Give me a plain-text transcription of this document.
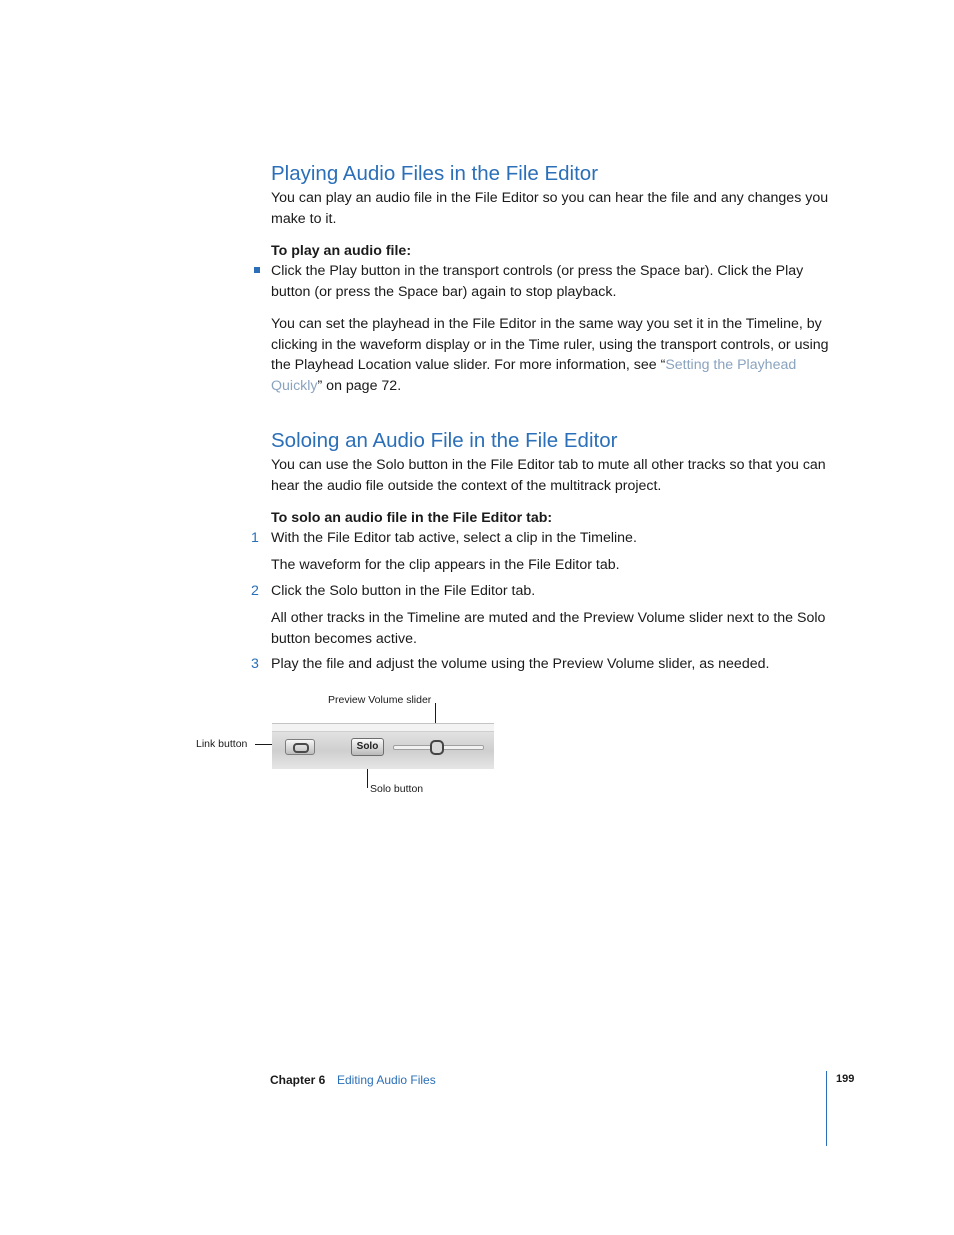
Playing Audio Files in the File Editor

You can play an audio file in the File Editor so you can hear the file and any changes you make to it.

To play an audio file:

Click the Play button in the transport controls (or press the Space bar). Click the Play button (or press the Space bar) again to stop playback.

You can set the playhead in the File Editor in the same way you set it in the Timeline, by clicking in the waveform display or in the Time ruler, using the transport controls, or using the Playhead Location value slider. For more information, see “Setting the Playhead Quickly” on page 72.

Soloing an Audio File in the File Editor

You can use the Solo button in the File Editor tab to mute all other tracks so that you can hear the audio file outside the context of the multitrack project.

To solo an audio file in the File Editor tab:

1 With the File Editor tab active, select a clip in the Timeline.

The waveform for the clip appears in the File Editor tab.

2 Click the Solo button in the File Editor tab.

All other tracks in the Timeline are muted and the Preview Volume slider next to the Solo button becomes active.

3 Play the file and adjust the volume using the Preview Volume slider, as needed.

Preview Volume slider
Link button
Solo button
Solo
Chapter 6 Editing Audio Files	199
